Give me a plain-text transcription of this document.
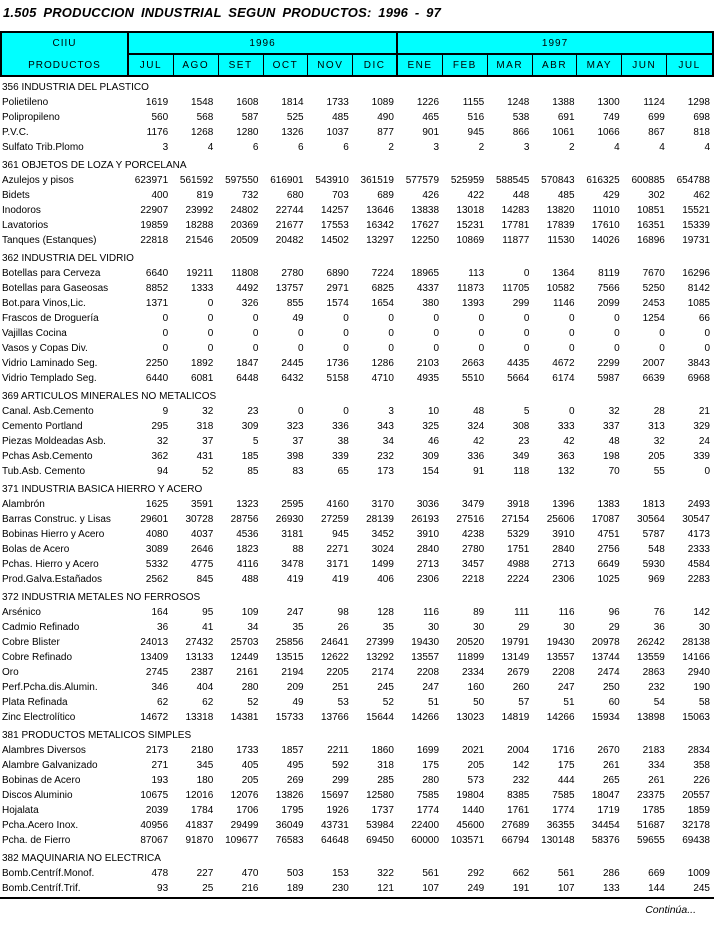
1.505 PRODUCCION INDUSTRIAL SEGUN PRODUCTOS: 1996 - 97
CIIU
PRODUCTOS
1996	1997
JUL	AGO	SET	OCT	NOV	DIC	ENE	FEB	MAR	ABR	MAY	JUN	JUL
356 INDUSTRIA DEL PLASTICO
Polietileno	1619	1548	1608	1814	1733	1089	1226	1155	1248	1388	1300	1124	1298
Polipropileno	560	568	587	525	485	490	465	516	538	691	749	699	698
P.V.C.	1176	1268	1280	1326	1037	877	901	945	866	1061	1066	867	818
Sulfato Trib.Plomo	3	4	6	6	6	2	3	2	3	2	4	4	4
361 OBJETOS DE LOZA Y PORCELANA
Azulejos y pisos	623971	561592	597550	616901	543910	361519	577579	525959	588545	570843	616325	600885	654788
Bidets	400	819	732	680	703	689	426	422	448	485	429	302	462
Inodoros	22907	23992	24802	22744	14257	13646	13838	13018	14283	13820	11010	10851	15521
Lavatorios	19859	18288	20369	21677	17553	16342	17627	15231	17781	17839	17610	16351	15339
Tanques (Estanques)	22818	21546	20509	20482	14502	13297	12250	10869	11877	11530	14026	16896	19731
362 INDUSTRIA DEL VIDRIO
Botellas para Cerveza	6640	19211	11808	2780	6890	7224	18965	113	0	1364	8119	7670	16296
Botellas para Gaseosas	8852	1333	4492	13757	2971	6825	4337	11873	11705	10582	7566	5250	8142
Bot.para Vinos,Lic.	1371	0	326	855	1574	1654	380	1393	299	1146	2099	2453	1085
Frascos de Droguería	0	0	0	49	0	0	0	0	0	0	0	1254	66
Vajillas Cocina	0	0	0	0	0	0	0	0	0	0	0	0	0
Vasos y Copas Div.	0	0	0	0	0	0	0	0	0	0	0	0	0
Vidrio Laminado Seg.	2250	1892	1847	2445	1736	1286	2103	2663	4435	4672	2299	2007	3843
Vidrio Templado Seg.	6440	6081	6448	6432	5158	4710	4935	5510	5664	6174	5987	6639	6968
369 ARTICULOS MINERALES NO METALICOS
Canal. Asb.Cemento	9	32	23	0	0	3	10	48	5	0	32	28	21
Cemento Portland	295	318	309	323	336	343	325	324	308	333	337	313	329
Piezas Moldeadas Asb.	32	37	5	37	38	34	46	42	23	42	48	32	24
Pchas Asb.Cemento	362	431	185	398	339	232	309	336	349	363	198	205	339
Tub.Asb. Cemento	94	52	85	83	65	173	154	91	118	132	70	55	0
371 INDUSTRIA BASICA HIERRO Y ACERO
Alambrón	1625	3591	1323	2595	4160	3170	3036	3479	3918	1396	1383	1813	2493
Barras Construc. y Lisas	29601	30728	28756	26930	27259	28139	26193	27516	27154	25606	17087	30564	30547
Bobinas Hierro y Acero	4080	4037	4536	3181	945	3452	3910	4238	5329	3910	4751	5787	4173
Bolas de Acero	3089	2646	1823	88	2271	3024	2840	2780	1751	2840	2756	548	2333
Pchas. Hierro y Acero	5332	4775	4116	3478	3171	1499	2713	3457	4988	2713	6649	5930	4584
Prod.Galva.Estañados	2562	845	488	419	419	406	2306	2218	2224	2306	1025	969	2283
372 INDUSTRIA METALES NO FERROSOS
Arsénico	164	95	109	247	98	128	116	89	111	116	96	76	142
Cadmio Refinado	36	41	34	35	26	35	30	30	29	30	29	36	30
Cobre Blister	24013	27432	25703	25856	24641	27399	19430	20520	19791	19430	20978	26242	28138
Cobre Refinado	13409	13133	12449	13515	12622	13292	13557	11899	13149	13557	13744	13559	14166
Oro	2745	2387	2161	2194	2205	2174	2208	2334	2679	2208	2474	2863	2940
Perf.Pcha.dis.Alumin.	346	404	280	209	251	245	247	160	260	247	250	232	190
Plata Refinada	62	62	52	49	53	52	51	50	57	51	60	54	58
Zinc Electrolítico	14672	13318	14381	15733	13766	15644	14266	13023	14819	14266	15934	13898	15063
381 PRODUCTOS METALICOS SIMPLES
Alambres Diversos	2173	2180	1733	1857	2211	1860	1699	2021	2004	1716	2670	2183	2834
Alambre Galvanizado	271	345	405	495	592	318	175	205	142	175	261	334	358
Bobinas de Acero	193	180	205	269	299	285	280	573	232	444	265	261	226
Discos Aluminio	10675	12016	12076	13826	15697	12580	7585	19804	8385	7585	18047	23375	20557
Hojalata	2039	1784	1706	1795	1926	1737	1774	1440	1761	1774	1719	1785	1859
Pcha.Acero Inox.	40956	41837	29499	36049	43731	53984	22400	45600	27689	36355	34454	51687	32178
Pcha. de Fierro	87067	91870	109677	76583	64648	69450	60000	103571	66794	130148	58376	59655	69438
382 MAQUINARIA NO ELECTRICA
Bomb.Centríf.Monof.	478	227	470	503	153	322	561	292	662	561	286	669	1009
Bomb.Centríf.Trif.	93	25	216	189	230	121	107	249	191	107	133	144	245
Continúa...
